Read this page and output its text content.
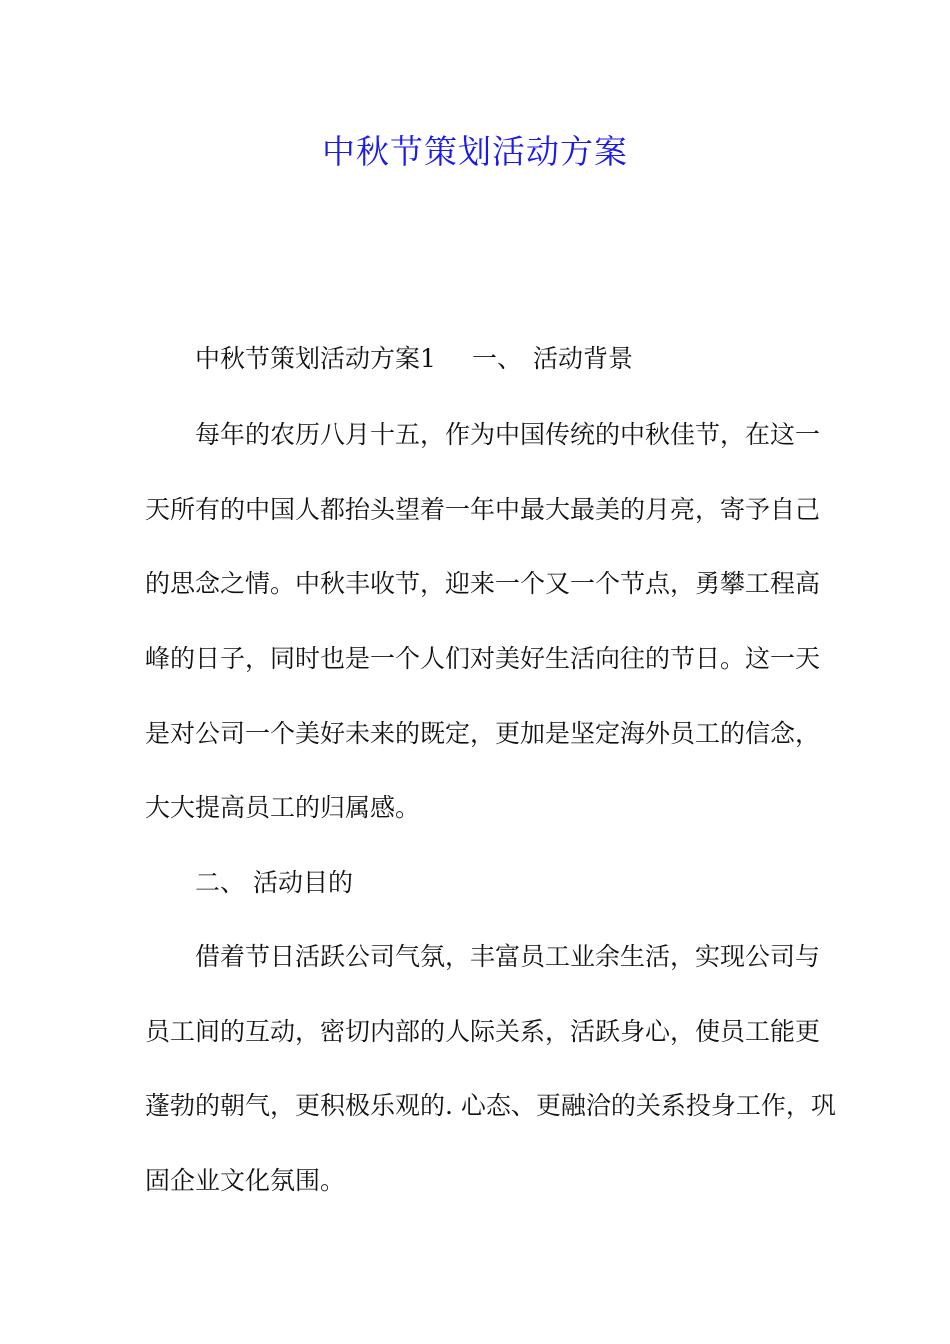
中秋节策划活动方案
中秋节策划活动方案1 一、 活动背景
每年的农历八月十五，作为中国传统的中秋佳节，在这一
天所有的中国人都抬头望着一年中最大最美的月亮，寄予自己
的思念之情。中秋丰收节，迎来一个又一个节点，勇攀工程高
峰的日子，同时也是一个人们对美好生活向往的节日。这一天
是对公司一个美好未来的既定，更加是坚定海外员工的信念，
大大提高员工的归属感。
二、 活动目的
借着节日活跃公司气氛，丰富员工业余生活，实现公司与
员工间的互动，密切内部的人际关系，活跃身心，使员工能更
蓬勃的朝气，更积极乐观的. 心态、更融洽的关系投身工作，巩
固企业文化氛围。
